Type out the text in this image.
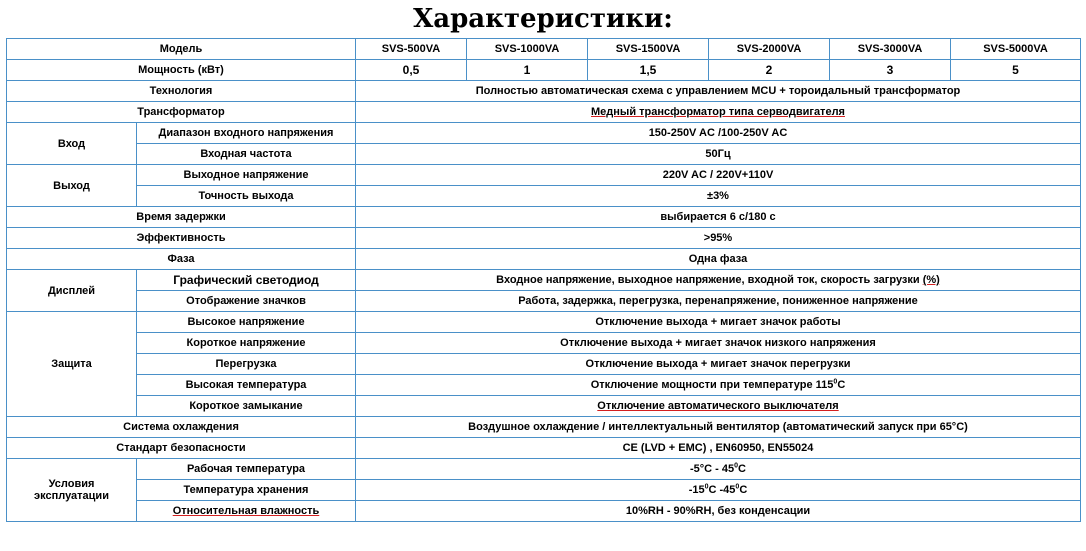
Характеристики:
Модель		SVS-500VA	SVS-1000VA	SVS-1500VA	SVS-2000VA	SVS-3000VA	SVS-5000VA
Мощность (кВт)		0,5	1	1,5	2	3	5
Технология		Полностью автоматическая схема с управлением MCU + тороидальный трансформатор					
Трансформатор		Медный трансформатор типа серводвигателя					
Вход	Диапазон входного напряжения	150-250V AC /100-250V AC					
	Входная частота	50Гц					
Выход	Выходное напряжение	220V AC / 220V+110V					
	Точность выхода	±3%					
Время задержки		выбирается 6 с/180 с					
Эффективность		>95%					
Фаза		Одна фаза					
Дисплей	Графический светодиод	Входное напряжение, выходное напряжение, входной ток, скорость загрузки (%)					
	Отображение значков	Работа, задержка, перегрузка, перенапряжение, пониженное напряжение					
Защита	Высокое напряжение	Отключение выхода + мигает значок работы					
	Короткое напряжение	Отключение выхода + мигает значок низкого напряжения					
	Перегрузка	Отключение выхода + мигает значок перегрузки					
	Высокая температура	Отключение мощности при температуре $115^0C$					
	Короткое замыкание	Отключение автоматического выключателя					
Система охлаждения		Воздушное охлаждение / интеллектуальный вентилятор (автоматический запуск при 65°C)					
Стандарт безопасности		CE (LVD + EMC) , EN60950, EN55024					
Условия
эксплуатации	Рабочая температура	$-5^\circ C - 45^0C$					
	Температура хранения	$-15^0C$ $-45^0C$					
	Относительная влажность	10%RH - 90%RH, без конденсации					
